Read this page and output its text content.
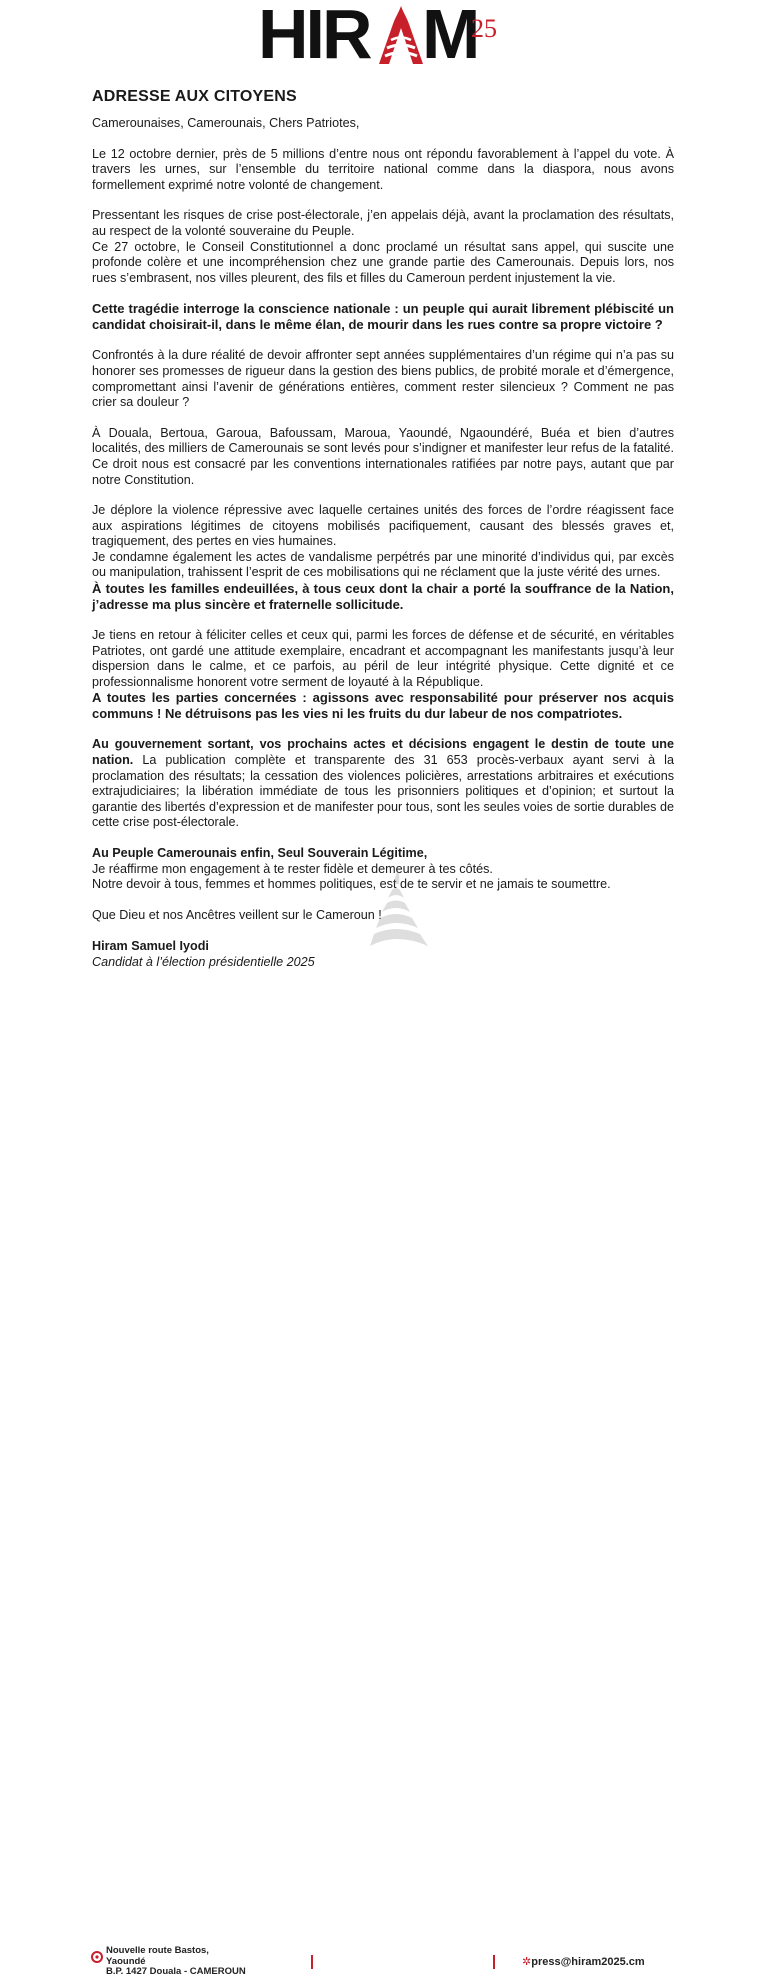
HIR M
25
ADRESSE AUX CITOYENS

Camerounaises, Camerounais, Chers Patriotes,

Le 12 octobre dernier, près de 5 millions d’entre nous ont répondu favorablement à l’appel du vote. À travers les urnes, sur l’ensemble du territoire national comme dans la diaspora, nous avons formellement exprimé notre volonté de changement.

Pressentant les risques de crise post-électorale, j’en appelais déjà, avant la proclamation des résultats, au respect de la volonté souveraine du Peuple.

Ce 27 octobre, le Conseil Constitutionnel a donc proclamé un résultat sans appel, qui suscite une profonde colère et une incompréhension chez une grande partie des Camerounais. Depuis lors, nos rues s’embrasent, nos villes pleurent, des fils et filles du Cameroun perdent injustement la vie.

Cette tragédie interroge la conscience nationale : un peuple qui aurait librement plébiscité un candidat choisirait-il, dans le même élan, de mourir dans les rues contre sa propre victoire ?

Confrontés à la dure réalité de devoir affronter sept années supplémentaires d’un régime qui n’a pas su honorer ses promesses de rigueur dans la gestion des biens publics, de probité morale et d’émergence, compromettant ainsi l’avenir de générations entières, comment rester silencieux ? Comment ne pas crier sa douleur ?

À Douala, Bertoua, Garoua, Bafoussam, Maroua, Yaoundé, Ngaoundéré, Buéa et bien d’autres localités, des milliers de Camerounais se sont levés pour s’indigner et manifester leur refus de la fatalité. Ce droit nous est consacré par les conventions internationales ratifiées par notre pays, autant que par notre Constitution.

Je déplore la violence répressive avec laquelle certaines unités des forces de l’ordre réagissent face aux aspirations légitimes de citoyens mobilisés pacifiquement, causant des blessés graves et, tragiquement, des pertes en vies humaines.

Je condamne également les actes de vandalisme perpétrés par une minorité d’individus qui, par excès ou manipulation, trahissent l’esprit de ces mobilisations qui ne réclament que la juste vérité des urnes.

À toutes les familles endeuillées, à tous ceux dont la chair a porté la souffrance de la Nation, j’adresse ma plus sincère et fraternelle sollicitude.

Je tiens en retour à féliciter celles et ceux qui, parmi les forces de défense et de sécurité, en véritables Patriotes, ont gardé une attitude exemplaire, encadrant et accompagnant les manifestants jusqu’à leur dispersion dans le calme, et ce parfois, au péril de leur intégrité physique. Cette dignité et ce professionnalisme honorent votre serment de loyauté à la République.

A toutes les parties concernées : agissons avec responsabilité pour préserver nos acquis communs ! Ne détruisons pas les vies ni les fruits du dur labeur de nos compatriotes.

Au gouvernement sortant, vos prochains actes et décisions engagent le destin de toute une nation. La publication complète et transparente des 31 653 procès-verbaux ayant servi à la proclamation des résultats; la cessation des violences policières, arrestations arbitraires et exécutions extrajudiciaires; la libération immédiate de tous les prisonniers politiques et d’opinion; et surtout la garantie des libertés d’expression et de manifester pour tous, sont les seules voies de sortie durables de cette crise post-électorale.

Au Peuple Camerounais enfin, Seul Souverain Légitime,
Je réaffirme mon engagement à te rester fidèle et demeurer à tes côtés.
Notre devoir à tous, femmes et hommes politiques, est de te servir et ne jamais te soumettre.

Que Dieu et nos Ancêtres veillent sur le Cameroun !

Hiram Samuel Iyodi
Candidat à l’élection présidentielle 2025
Nouvelle route Bastos,
Yaoundé
B.P. 1427 Douala - CAMEROUN
✲press@hiram2025.cm
